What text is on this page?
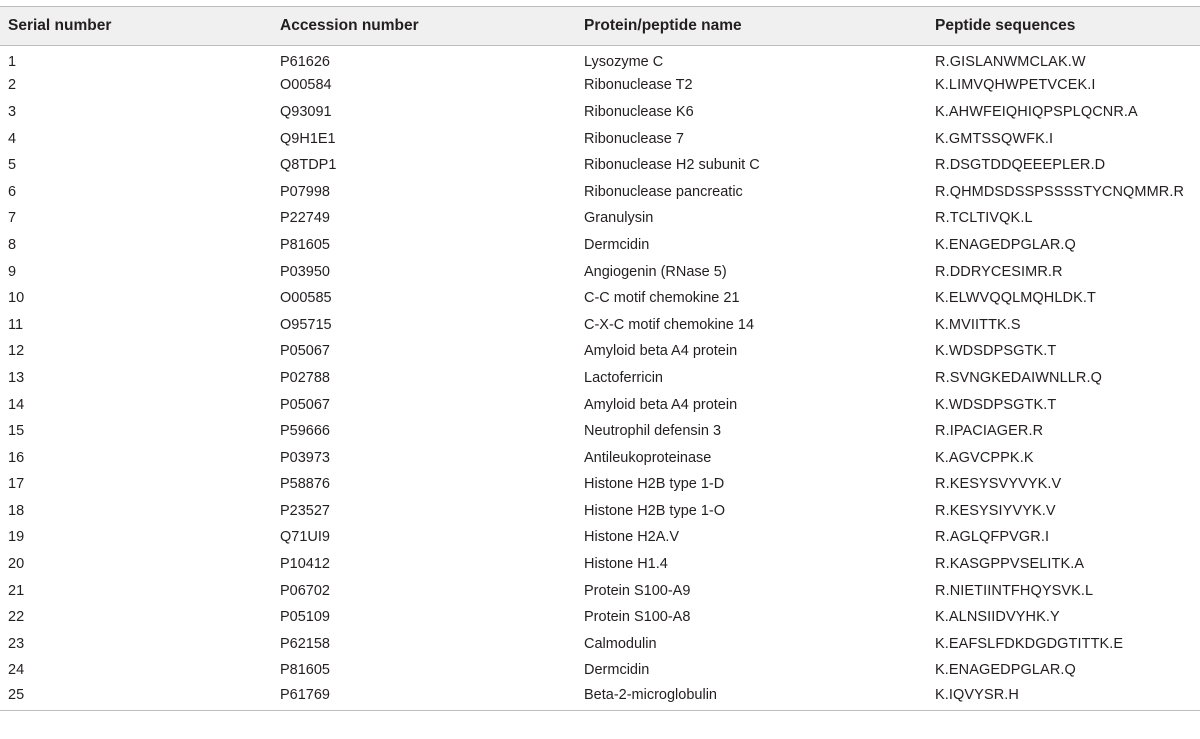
Serial number	Accession number	Protein/peptide name	Peptide sequences
1	P61626	Lysozyme C	R.GISLANWMCLAK.W
2	O00584	Ribonuclease T2	K.LIMVQHWPETVCEK.I
3	Q93091	Ribonuclease K6	K.AHWFEIQHIQPSPLQCNR.A
4	Q9H1E1	Ribonuclease 7	K.GMTSSQWFK.I
5	Q8TDP1	Ribonuclease H2 subunit C	R.DSGTDDQEEEPLER.D
6	P07998	Ribonuclease pancreatic	R.QHMDSDSSPSSSSTYCNQMMR.R
7	P22749	Granulysin	R.TCLTIVQK.L
8	P81605	Dermcidin	K.ENAGEDPGLAR.Q
9	P03950	Angiogenin (RNase 5)	R.DDRYCESIMR.R
10	O00585	C-C motif chemokine 21	K.ELWVQQLMQHLDK.T
11	O95715	C-X-C motif chemokine 14	K.MVIITTK.S
12	P05067	Amyloid beta A4 protein	K.WDSDPSGTK.T
13	P02788	Lactoferricin	R.SVNGKEDAIWNLLR.Q
14	P05067	Amyloid beta A4 protein	K.WDSDPSGTK.T
15	P59666	Neutrophil defensin 3	R.IPACIAGER.R
16	P03973	Antileukoproteinase	K.AGVCPPK.K
17	P58876	Histone H2B type 1-D	R.KESYSVYVYK.V
18	P23527	Histone H2B type 1-O	R.KESYSIYVYK.V
19	Q71UI9	Histone H2A.V	R.AGLQFPVGR.I
20	P10412	Histone H1.4	R.KASGPPVSELITK.A
21	P06702	Protein S100-A9	R.NIETIINTFHQYSVK.L
22	P05109	Protein S100-A8	K.ALNSIIDVYHK.Y
23	P62158	Calmodulin	K.EAFSLFDKDGDGTITTK.E
24	P81605	Dermcidin	K.ENAGEDPGLAR.Q
25	P61769	Beta-2-microglobulin	K.IQVYSR.H
